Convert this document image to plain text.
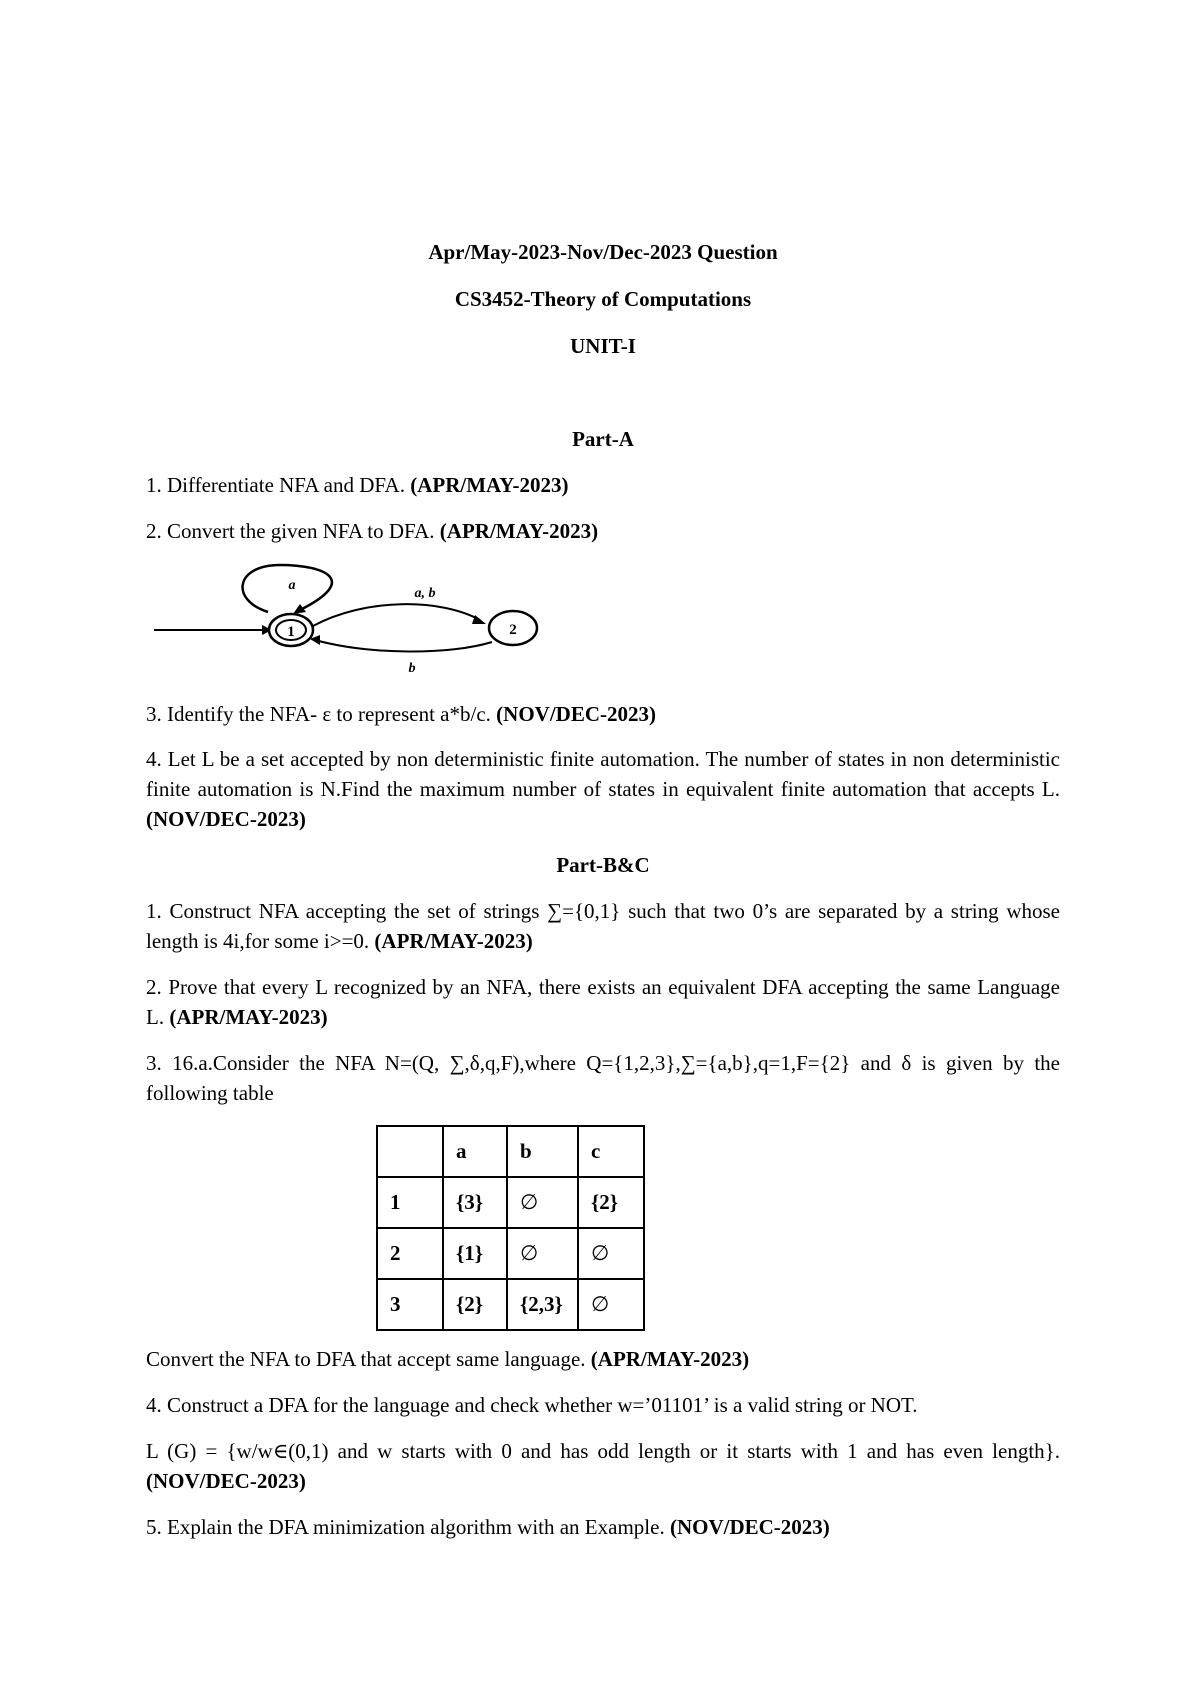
Apr/May-2023-Nov/Dec-2023 Question
CS3452-Theory of Computations
UNIT-I
Part-A
1. Differentiate NFA and DFA. (APR/MAY-2023)
2. Convert the given NFA to DFA. (APR/MAY-2023)
1	2
a
a, b
b
3. Identify the NFA- ε to represent a*b/c. (NOV/DEC-2023)
4. Let L be a set accepted by non deterministic finite automation. The number of states in non deterministic finite automation is N.Find the maximum number of states in equivalent finite automation that accepts L. (NOV/DEC-2023)
Part-B&C
1. Construct NFA accepting the set of strings ∑={0,1} such that two 0’s are separated by a string whose length is 4i,for some i>=0. (APR/MAY-2023)
2. Prove that every L recognized by an NFA, there exists an equivalent DFA accepting the same Language L. (APR/MAY-2023)
3. 16.a.Consider the NFA N=(Q, ∑,δ,q,F),where Q={1,2,3},∑={a,b},q=1,F={2} and δ is given by the following table
	a	b	c
1	{3}	∅	{2}
2	{1}	∅	∅
3	{2}	{2,3}	∅
Convert the NFA to DFA that accept same language. (APR/MAY-2023)
4. Construct a DFA for the language and check whether w=’01101’ is a valid string or NOT.
L (G) = {w/w∈(0,1) and w starts with 0 and has odd length or it starts with 1 and has even length}.(NOV/DEC-2023)
5. Explain the DFA minimization algorithm with an Example. (NOV/DEC-2023)
